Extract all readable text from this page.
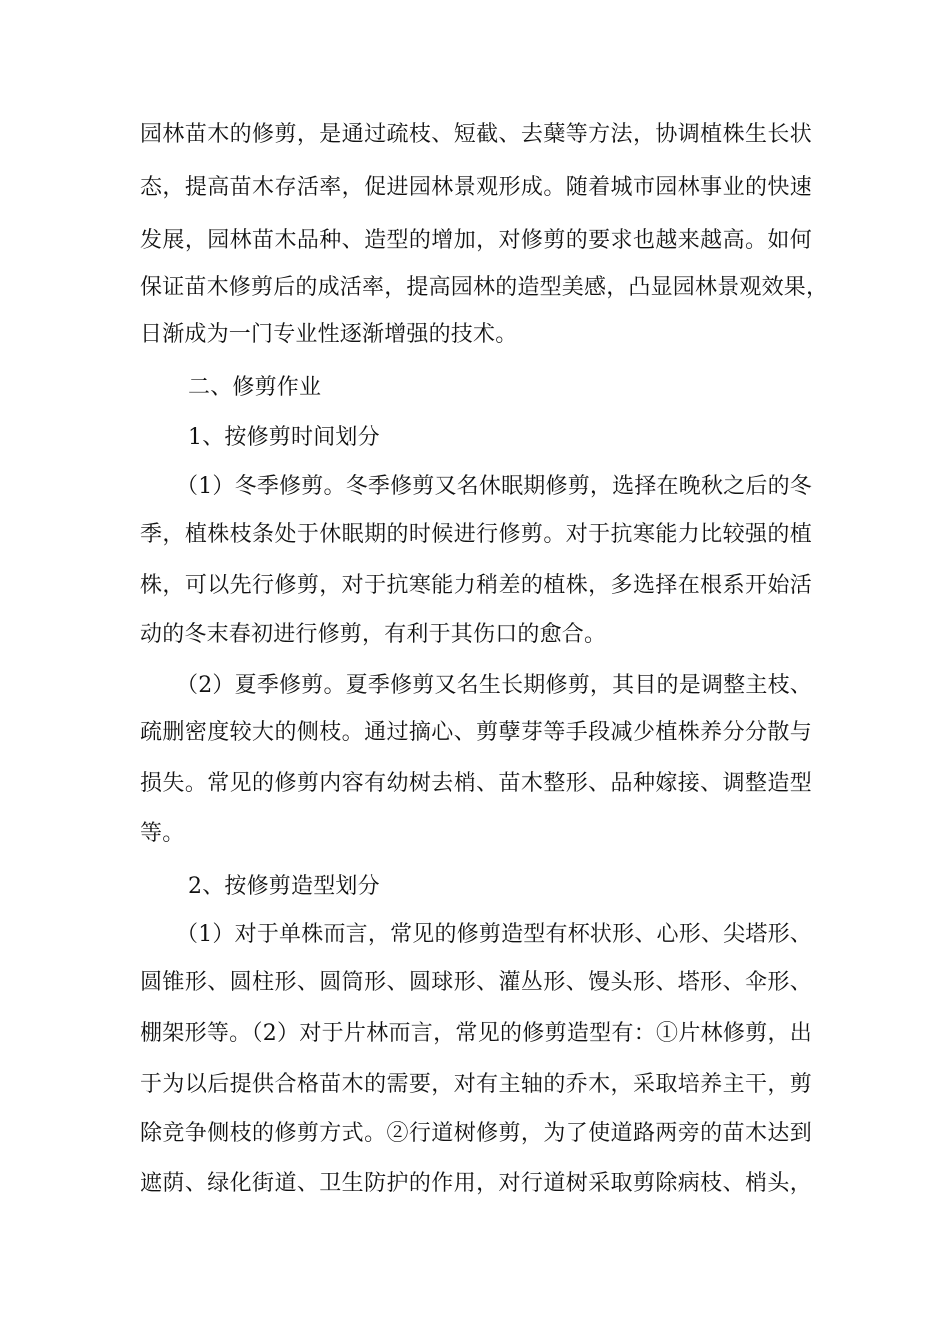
园林苗木的修剪，是通过疏枝、短截、去蘖等方法，协调植株生长状
态，提高苗木存活率，促进园林景观形成。随着城市园林事业的快速
发展，园林苗木品种、造型的增加，对修剪的要求也越来越高。如何
保证苗木修剪后的成活率，提高园林的造型美感，凸显园林景观效果，
日渐成为一门专业性逐渐增强的技术。
二、修剪作业
1、按修剪时间划分
（1）冬季修剪。冬季修剪又名休眠期修剪，选择在晚秋之后的冬
季，植株枝条处于休眠期的时候进行修剪。对于抗寒能力比较强的植
株，可以先行修剪，对于抗寒能力稍差的植株，多选择在根系开始活
动的冬末春初进行修剪，有利于其伤口的愈合。
（2）夏季修剪。夏季修剪又名生长期修剪，其目的是调整主枝、
疏删密度较大的侧枝。通过摘心、剪孽芽等手段减少植株养分分散与
损失。常见的修剪内容有幼树去梢、苗木整形、品种嫁接、调整造型
等。
2、按修剪造型划分
（1）对于单株而言，常见的修剪造型有杯状形、心形、尖塔形、
圆锥形、圆柱形、圆筒形、圆球形、灌丛形、馒头形、塔形、伞形、
棚架形等。（2）对于片林而言，常见的修剪造型有：①片林修剪，出
于为以后提供合格苗木的需要，对有主轴的乔木，采取培养主干，剪
除竞争侧枝的修剪方式。②行道树修剪，为了使道路两旁的苗木达到
遮荫、绿化街道、卫生防护的作用，对行道树采取剪除病枝、梢头，
